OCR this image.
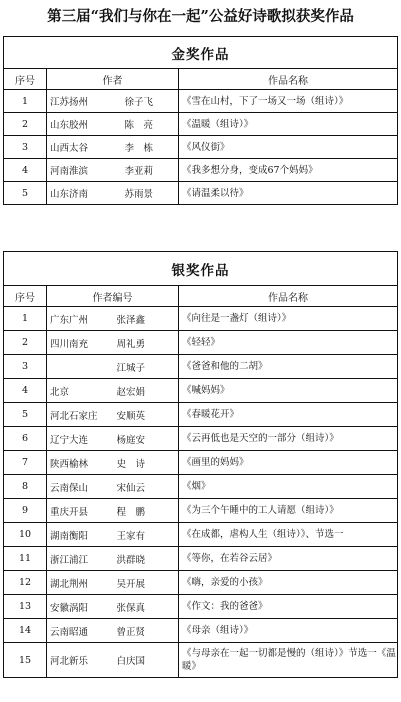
第三届“我们与你在一起”公益好诗歌拟获奖作品
金奖作品			
序号	作者		作品名称
1	江苏扬州	徐子飞	《雪在山村，下了一场又一场（组诗）》
2	山东胶州	陈　亮	《温暖（组诗）》
3	山西太谷	李　栋	《风仪街》
4	河南淮滨	李亚莉	《我多想分身，变成67个妈妈》
5	山东济南	苏雨景	《请温柔以待》
银奖作品			
序号	作者编号		作品名称
1	广东广州	张泽鑫	《向往是一盏灯（组诗）》
2	四川南充	周礼勇	《轻轻》
3		江城子	《爸爸和他的二胡》
4	北京	赵宏娟	《喊妈妈》
5	河北石家庄	安顺英	《春暖花开》
6	辽宁大连	杨庭安	《云再低也是天空的一部分（组诗）》
7	陕西榆林	史　诗	《画里的妈妈》
8	云南保山	宋仙云	《烟》
9	重庆开县	程　鹏	《为三个午睡中的工人请愿（组诗）》
10	湖南衡阳	王家有	《在成都，虐构人生（组诗）》、节选一
11	浙江浦江	洪群晓	《等你，在若谷云居》
12	湖北荆州	吴开展	《嗨，亲爱的小孩》
13	安徽涡阳	张保真	《作文：我的爸爸》
14	云南昭通	曾正贤	《母亲（组诗）》
15	河北新乐	白庆国	《与母亲在一起一切都是慢的（组诗）》节选一《温暖》
